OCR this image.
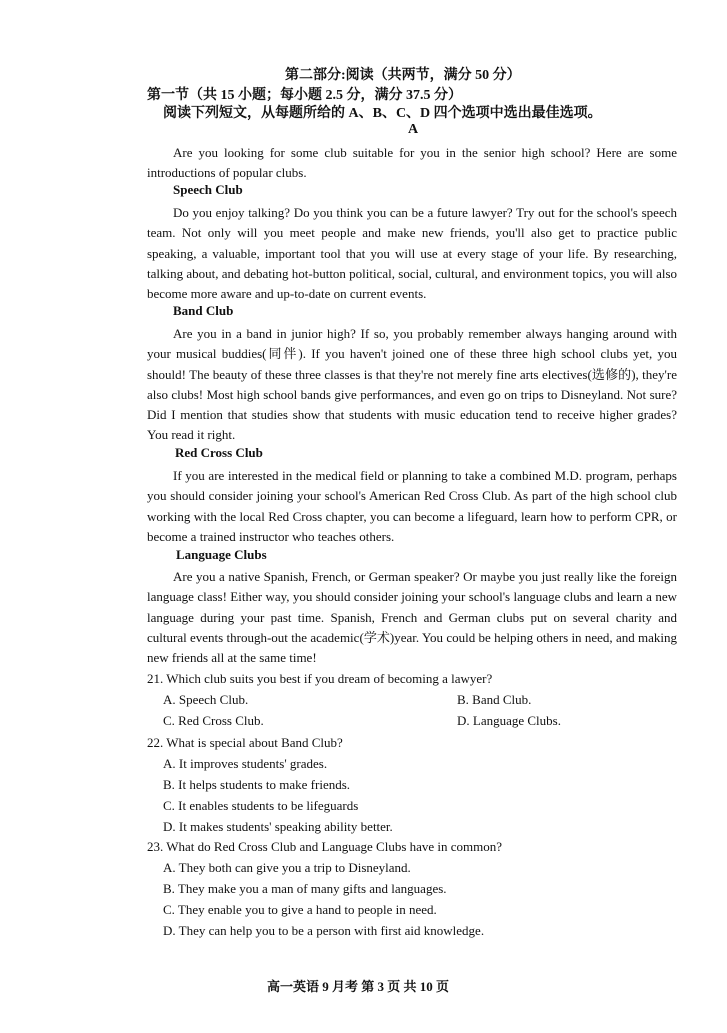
第二部分:阅读（共两节，满分 50 分）
第一节（共 15 小题；每小题 2.5 分，满分 37.5 分）
阅读下列短文，从每题所给的 A、B、C、D 四个选项中选出最佳选项。
A
Are you looking for some club suitable for you in the senior high school? Here are some introductions of popular clubs.
Speech Club
Do you enjoy talking? Do you think you can be a future lawyer? Try out for the school's speech team. Not only will you meet people and make new friends, you'll also get to practice public speaking, a valuable, important tool that you will use at every stage of your life. By researching, talking about, and debating hot-button political, social, cultural, and environment topics, you will also become more aware and up-to-date on current events.
Band Club
Are you in a band in junior high? If so, you probably remember always hanging around with your musical buddies(同伴). If you haven't joined one of these three high school clubs yet, you should! The beauty of these three classes is that they're not merely fine arts electives(选修的), they're also clubs! Most high school bands give performances, and even go on trips to Disneyland. Not sure? Did I mention that studies show that students with music education tend to receive higher grades? You read it right.
Red Cross Club
If you are interested in the medical field or planning to take a combined M.D. program, perhaps you should consider joining your school's American Red Cross Club. As part of the high school club working with the local Red Cross chapter, you can become a lifeguard, learn how to perform CPR, or become a trained instructor who teaches others.
Language Clubs
Are you a native Spanish, French, or German speaker? Or maybe you just really like the foreign language class! Either way, you should consider joining your school's language clubs and learn a new language during your past time. Spanish, French and German clubs put on several charity and cultural events through-out the academic(学术)year. You could be helping others in need, and making new friends all at the same time!
21. Which club suits you best if you dream of becoming a lawyer?
A. Speech Club.	B. Band Club.
C. Red Cross Club.	D. Language Clubs.
22. What is special about Band Club?
A. It improves students' grades.
B. It helps students to make friends.
C. It enables students to be lifeguards
D. It makes students' speaking ability better.
23. What do Red Cross Club and Language Clubs have in common?
A. They both can give you a trip to Disneyland.
B. They make you a man of many gifts and languages.
C. They enable you to give a hand to people in need.
D. They can help you to be a person with first aid knowledge.
高一英语 9 月考 第 3 页 共 10 页
